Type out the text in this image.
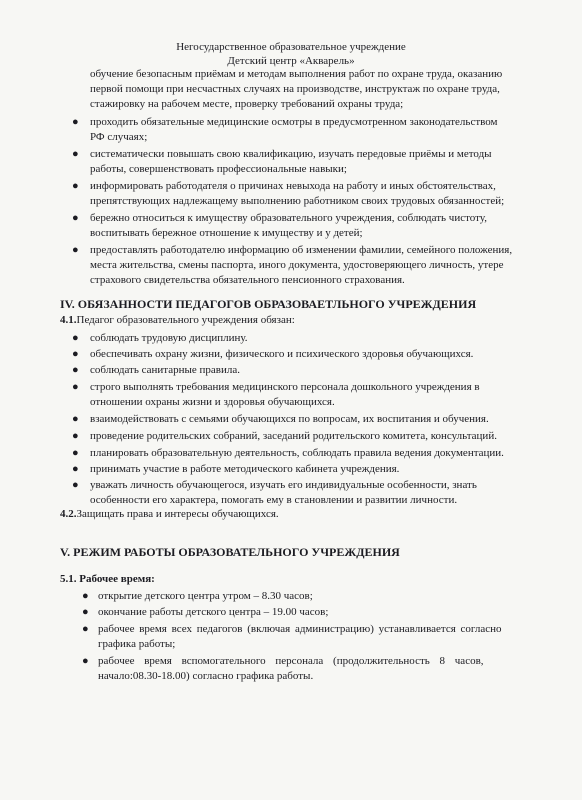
Негосударственное образовательное учреждение
Детский центр «Акварель»
обучение безопасным приёмам и методам выполнения работ по охране труда, оказанию
первой помощи при несчастных случаях на производстве, инструктаж по охране труда,
стажировку на рабочем месте, проверку требований охраны труда;
● проходить обязательные медицинские осмотры в предусмотренном законодательством
РФ случаях;
● систематически повышать свою квалификацию, изучать передовые приёмы и методы
работы, совершенствовать профессиональные навыки;
● информировать работодателя о причинах невыхода на работу и иных обстоятельствах,
препятствующих надлежащему выполнению работником своих трудовых обязанностей;
● бережно относиться к имуществу образовательного учреждения, соблюдать чистоту,
воспитывать бережное отношение к имуществу и у детей;
● предоставлять работодателю информацию об изменении фамилии, семейного положения,
места жительства, смены паспорта, иного документа, удостоверяющего личность, утере
страхового свидетельства обязательного пенсионного страхования.
IV. ОБЯЗАННОСТИ ПЕДАГОГОВ ОБРАЗОВАЕТЛЬНОГО УЧРЕЖДЕНИЯ
4.1.Педагог образовательного учреждения обязан:
● соблюдать трудовую дисциплину.
● обеспечивать охрану жизни, физического и психического здоровья обучающихся.
● соблюдать санитарные правила.
● строго выполнять требования медицинского персонала дошкольного учреждения в
отношении охраны жизни и здоровья обучающихся.
● взаимодействовать с семьями обучающихся по вопросам, их воспитания и обучения.
● проведение родительских собраний, заседаний родительского комитета, консультаций.
● планировать образовательную деятельность, соблюдать правила ведения документации.
● принимать участие в работе методического кабинета учреждения.
● уважать личность обучающегося, изучать его индивидуальные особенности, знать
особенности его характера, помогать ему в становлении и развитии личности.
4.2.Защищать права и интересы обучающихся.
V. РЕЖИМ РАБОТЫ ОБРАЗОВАТЕЛЬНОГО УЧРЕЖДЕНИЯ
5.1. Рабочее время:
● открытие детского центра утром – 8.30 часов;
● окончание работы детского центра – 19.00 часов;
● рабочее время всех педагогов (включая администрацию) устанавливается согласно
графика работы;
● рабочее время вспомогательного персонала (продолжительность 8 часов,
начало:08.30-18.00) согласно графика работы.
